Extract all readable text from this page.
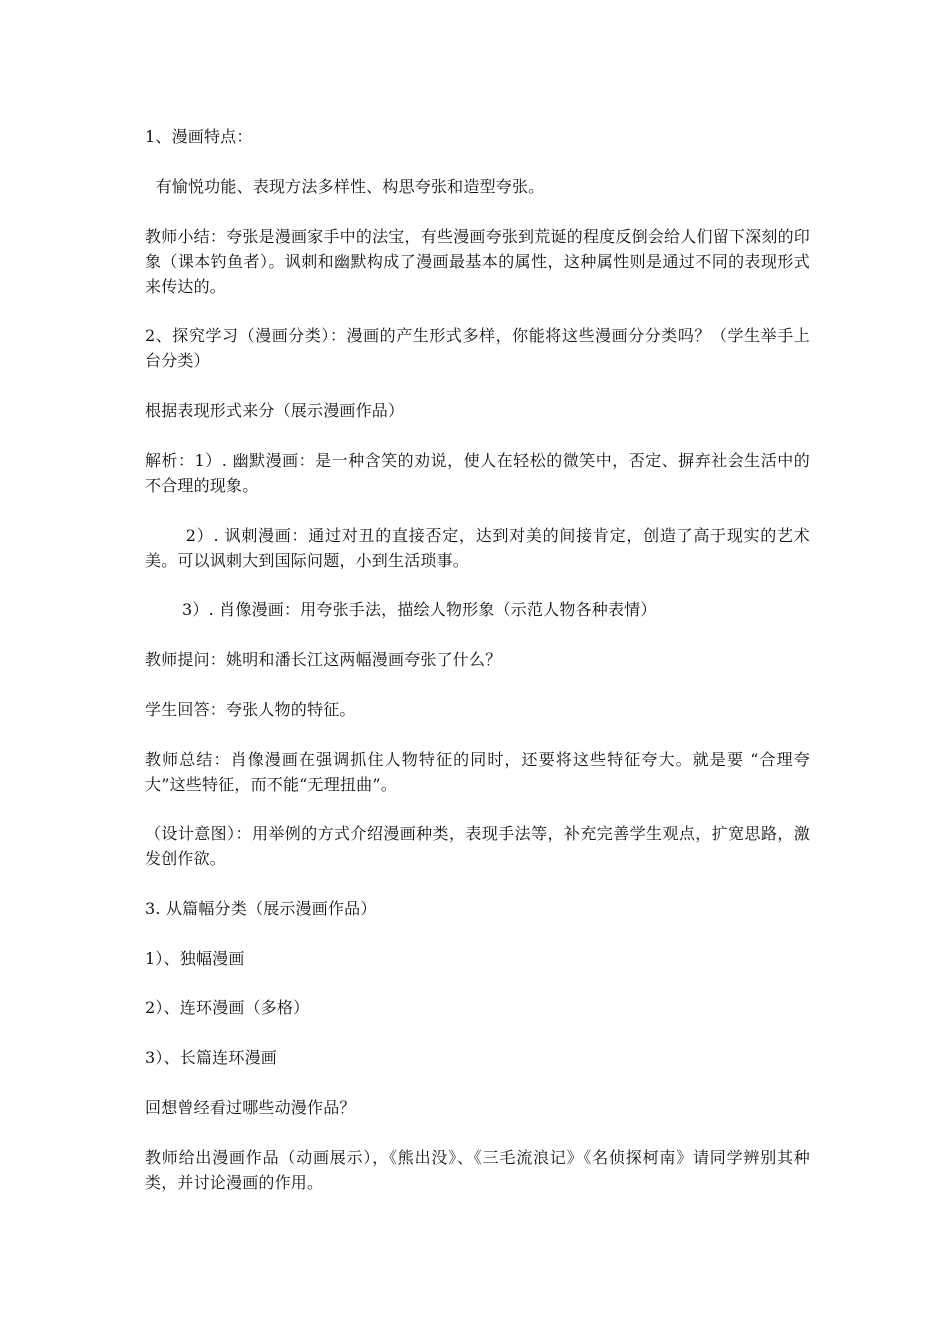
1、漫画特点：

有愉悦功能、表现方法多样性、构思夸张和造型夸张。

教师小结：夸张是漫画家手中的法宝，有些漫画夸张到荒诞的程度反倒会给人们留下深刻的印象（课本钓鱼者）。讽刺和幽默构成了漫画最基本的属性，这种属性则是通过不同的表现形式来传达的。

2、探究学习（漫画分类）：漫画的产生形式多样，你能将这些漫画分分类吗？（学生举手上台分类）

根据表现形式来分（展示漫画作品）

解析：1）. 幽默漫画：是一种含笑的劝说，使人在轻松的微笑中，否定、摒弃社会生活中的不合理的现象。

2）. 讽刺漫画：通过对丑的直接否定，达到对美的间接肯定，创造了高于现实的艺术美。可以讽刺大到国际问题，小到生活琐事。

3）. 肖像漫画：用夸张手法，描绘人物形象（示范人物各种表情）

教师提问：姚明和潘长江这两幅漫画夸张了什么？

学生回答：夸张人物的特征。

教师总结：肖像漫画在强调抓住人物特征的同时，还要将这些特征夸大。就是要 “合理夸大”这些特征，而不能“无理扭曲”。

（设计意图）：用举例的方式介绍漫画种类，表现手法等，补充完善学生观点，扩宽思路，激发创作欲。

3. 从篇幅分类（展示漫画作品）

1）、独幅漫画

2）、连环漫画（多格）

3）、长篇连环漫画

回想曾经看过哪些动漫作品？

教师给出漫画作品（动画展示），《熊出没》、《三毛流浪记》《名侦探柯南》请同学辨别其种类，并讨论漫画的作用。
